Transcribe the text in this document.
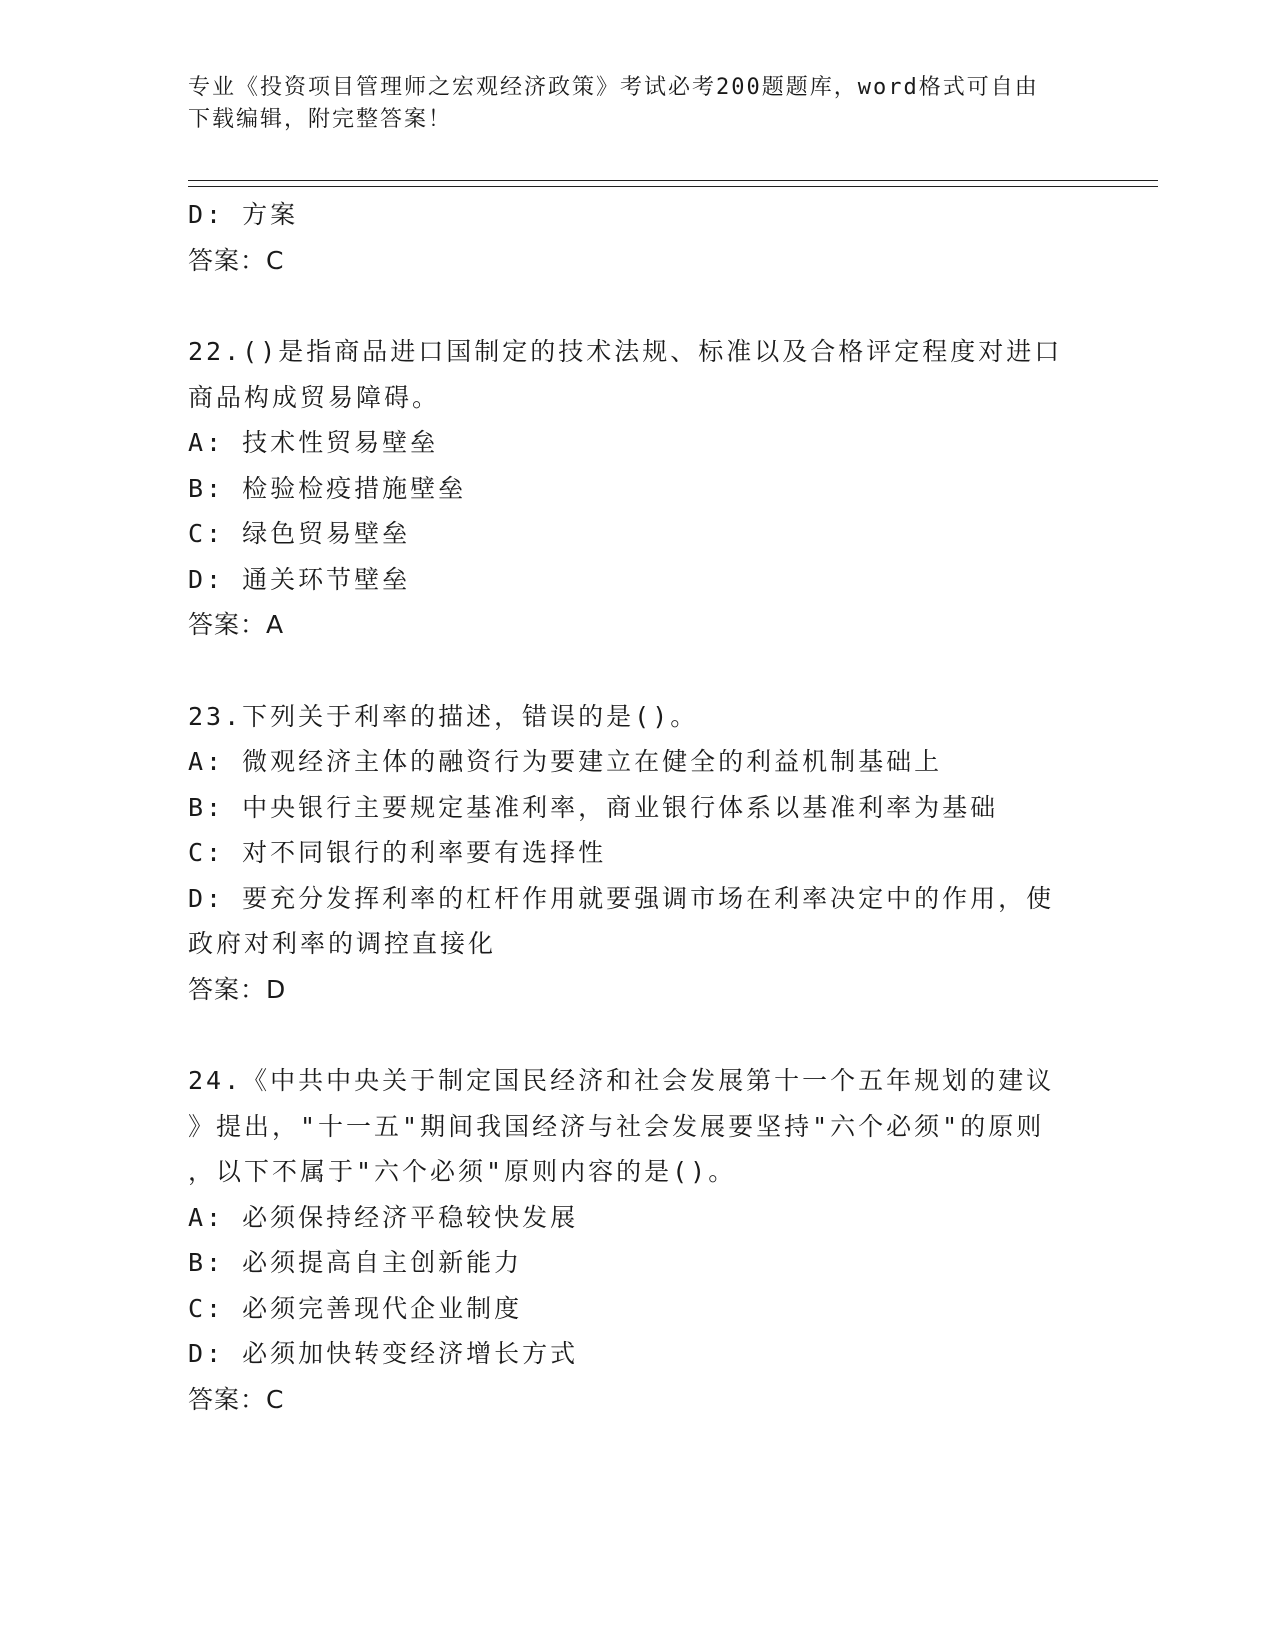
专业《投资项目管理师之宏观经济政策》考试必考200题题库，word格式可自由
下载编辑，附完整答案！
D: 方案
答案：C
22.()是指商品进口国制定的技术法规、标准以及合格评定程度对进口
商品构成贸易障碍。
A: 技术性贸易壁垒
B: 检验检疫措施壁垒
C: 绿色贸易壁垒
D: 通关环节壁垒
答案：A
23.下列关于利率的描述，错误的是()。
A: 微观经济主体的融资行为要建立在健全的利益机制基础上
B: 中央银行主要规定基准利率，商业银行体系以基准利率为基础
C: 对不同银行的利率要有选择性
D: 要充分发挥利率的杠杆作用就要强调市场在利率决定中的作用，使
政府对利率的调控直接化
答案：D
24.《中共中央关于制定国民经济和社会发展第十一个五年规划的建议
》提出，"十一五"期间我国经济与社会发展要坚持"六个必须"的原则
，以下不属于"六个必须"原则内容的是()。
A: 必须保持经济平稳较快发展
B: 必须提高自主创新能力
C: 必须完善现代企业制度
D: 必须加快转变经济增长方式
答案：C
